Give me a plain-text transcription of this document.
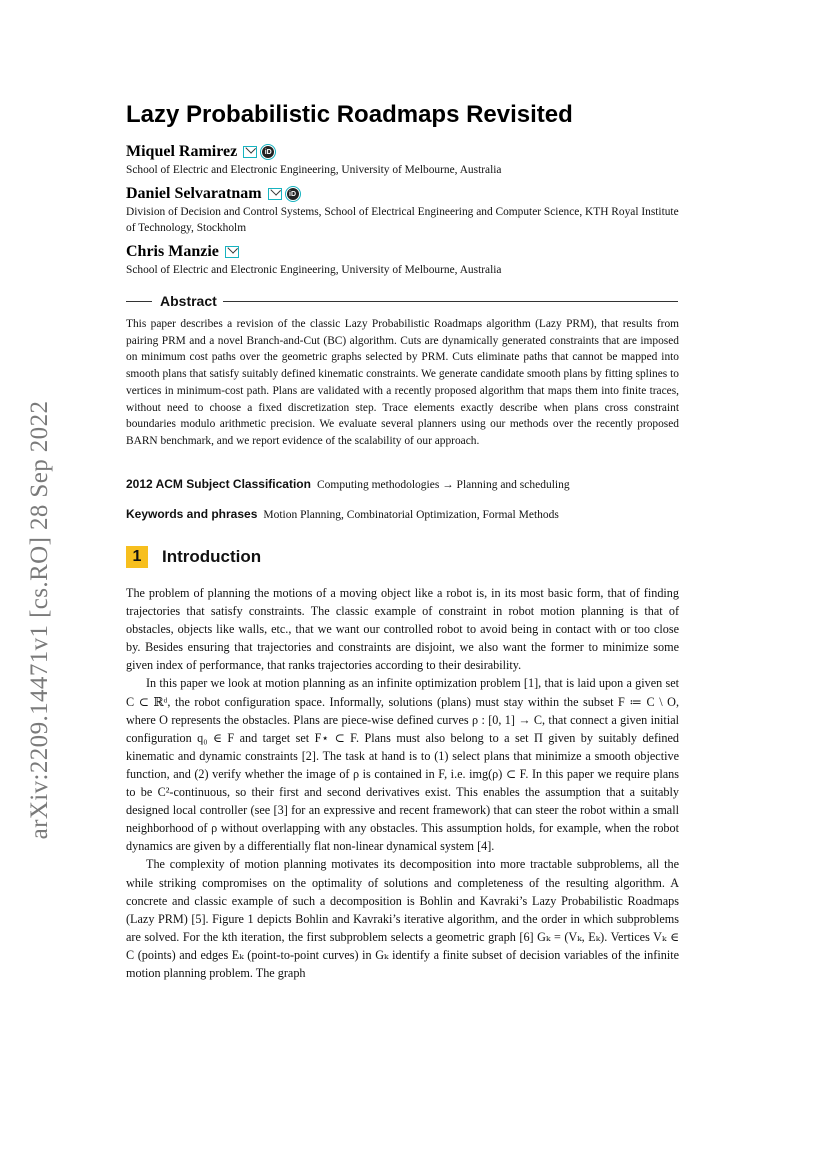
arXiv:2209.14471v1 [cs.RO] 28 Sep 2022
Lazy Probabilistic Roadmaps Revisited
Miquel Ramirez	iD
School of Electric and Electronic Engineering, University of Melbourne, Australia
Daniel Selvaratnam	iD
Division of Decision and Control Systems, School of Electrical Engineering and Computer Science, KTH Royal Institute of Technology, Stockholm
Chris Manzie
School of Electric and Electronic Engineering, University of Melbourne, Australia
Abstract
This paper describes a revision of the classic Lazy Probabilistic Roadmaps algorithm (Lazy PRM), that results from pairing PRM and a novel Branch-and-Cut (BC) algorithm. Cuts are dynamically generated constraints that are imposed on minimum cost paths over the geometric graphs selected by PRM. Cuts eliminate paths that cannot be mapped into smooth plans that satisfy suitably defined kinematic constraints. We generate candidate smooth plans by fitting splines to vertices in minimum-cost path. Plans are validated with a recently proposed algorithm that maps them into finite traces, without need to choose a fixed discretization step. Trace elements exactly describe when plans cross constraint boundaries modulo arithmetic precision. We evaluate several planners using our methods over the recently proposed BARN benchmark, and we report evidence of the scalability of our approach.
2012 ACM Subject Classification Computing methodologies → Planning and scheduling
Keywords and phrases Motion Planning, Combinatorial Optimization, Formal Methods
1	Introduction

The problem of planning the motions of a moving object like a robot is, in its most basic form, that of finding trajectories that satisfy constraints. The classic example of constraint in robot motion planning is that of obstacles, objects like walls, etc., that we want our controlled robot to avoid being in contact with or too close by. Besides ensuring that trajectories and constraints are disjoint, we also want the former to minimize some given index of performance, that ranks trajectories according to their desirability.

In this paper we look at motion planning as an infinite optimization problem [1], that is laid upon a given set C ⊂ ℝᵈ, the robot configuration space. Informally, solutions (plans) must stay within the subset F ≔ C \ O, where O represents the obstacles. Plans are piece-wise defined curves ρ : [0, 1] → C, that connect a given initial configuration q₀ ∈ F and target set F⋆ ⊂ F. Plans must also belong to a set Π given by suitably defined kinematic and dynamic constraints [2]. The task at hand is to (1) select plans that minimize a smooth objective function, and (2) verify whether the image of ρ is contained in F, i.e. img(ρ) ⊂ F. In this paper we require plans to be C²-continuous, so their first and second derivatives exist. This enables the assumption that a suitably designed local controller (see [3] for an expressive and recent framework) that can steer the robot within a small neighborhood of ρ without overlapping with any obstacles. This assumption holds, for example, when the robot dynamics are given by a differentially flat non-linear dynamical system [4].

The complexity of motion planning motivates its decomposition into more tractable subproblems, all the while striking compromises on the optimality of solutions and completeness of the resulting algorithm. A concrete and classic example of such a decomposition is Bohlin and Kavraki’s Lazy Probabilistic Roadmaps (Lazy PRM) [5]. Figure 1 depicts Bohlin and Kavraki’s iterative algorithm, and the order in which subproblems are solved. For the kth iteration, the first subproblem selects a geometric graph [6] Gₖ = (Vₖ, Eₖ). Vertices Vₖ ∈ C (points) and edges Eₖ (point-to-point curves) in Gₖ identify a finite subset of decision variables of the infinite motion planning problem. The graph
